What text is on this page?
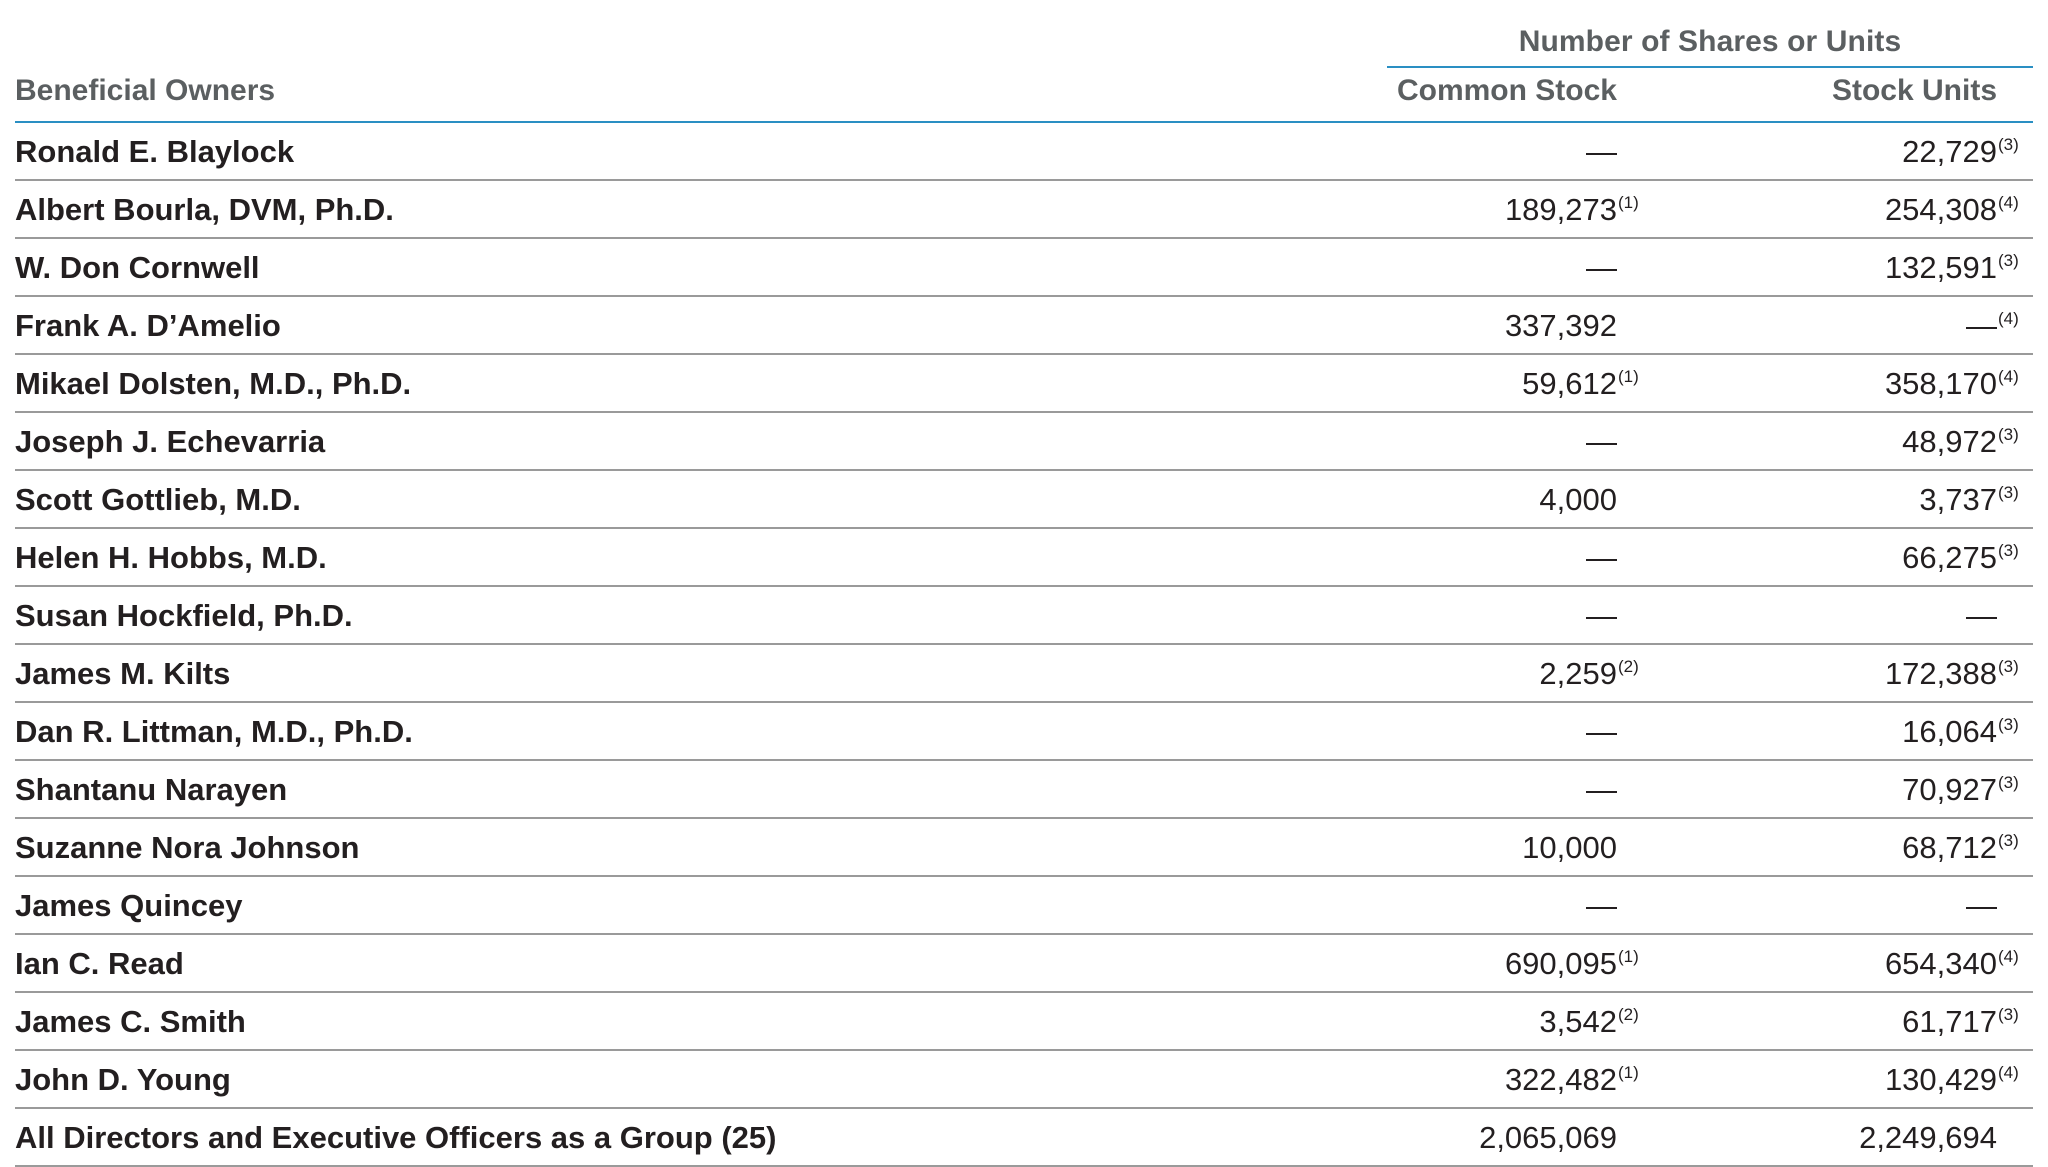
Number of Shares or Units
Beneficial Owners	Common Stock	Stock Units
Ronald E. Blaylock	—	22,729 (3)
Albert Bourla, DVM, Ph.D.	189,273 (1)	254,308 (4)
W. Don Cornwell	—	132,591 (3)
Frank A. D’Amelio	337,392	— (4)
Mikael Dolsten, M.D., Ph.D.	59,612 (1)	358,170 (4)
Joseph J. Echevarria	—	48,972 (3)
Scott Gottlieb, M.D.	4,000	3,737 (3)
Helen H. Hobbs, M.D.	—	66,275 (3)
Susan Hockfield, Ph.D.	—	—
James M. Kilts	2,259 (2)	172,388 (3)
Dan R. Littman, M.D., Ph.D.	—	16,064 (3)
Shantanu Narayen	—	70,927 (3)
Suzanne Nora Johnson	10,000	68,712 (3)
James Quincey	—	—
Ian C. Read	690,095 (1)	654,340 (4)
James C. Smith	3,542 (2)	61,717 (3)
John D. Young	322,482 (1)	130,429 (4)
All Directors and Executive Officers as a Group (25)	2,065,069	2,249,694
